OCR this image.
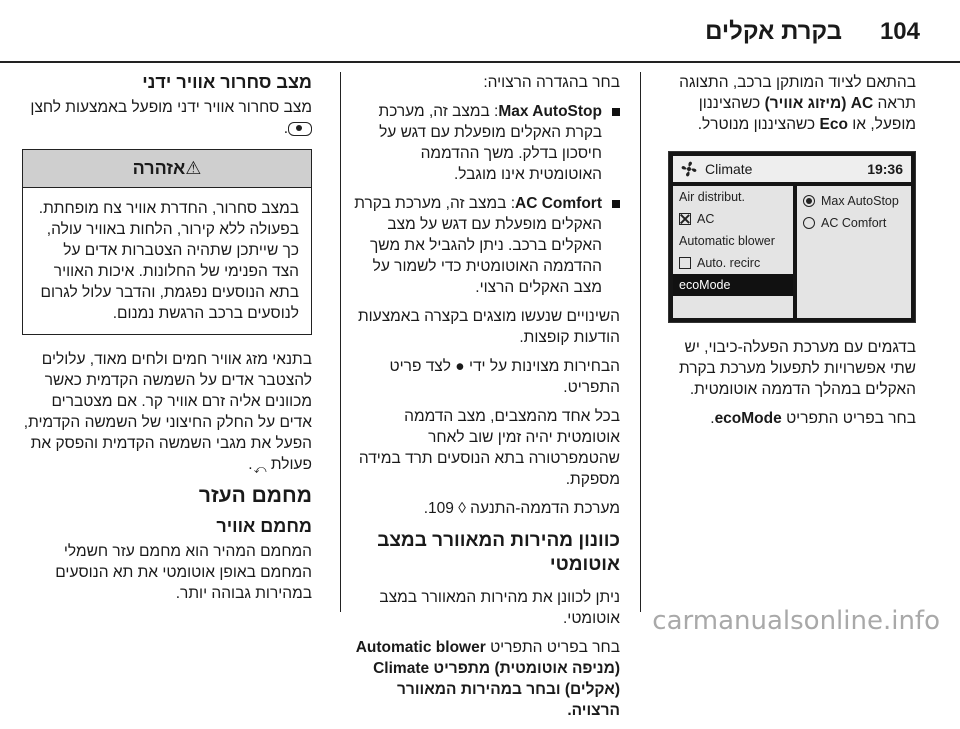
104
בקרת אקלים

בהתאם לציוד המותקן ברכב, התצוגה תראה AC (מיזוג אוויר) כשהציננון מופעל, או Eco כשהציננון מנוטרל.

Climate	19:36
Air distribut.
AC
Automatic blower
Auto. recirc
ecoMode
Max AutoStop
AC Comfort

בדגמים עם מערכת הפעלה-כיבוי, יש שתי אפשרויות לתפעול מערכת בקרת האקלים במהלך הדממה אוטומטית.

בחר בפריט התפריט ecoMode.

בחר בהגדרה הרצויה:

Max AutoStop: במצב זה, מערכת בקרת האקלים מופעלת עם דגש על חיסכון בדלק. משך ההדממה האוטומטית אינו מוגבל.
AC Comfort: במצב זה, מערכת בקרת האקלים מופעלת עם דגש על מצב האקלים ברכב. ניתן להגביל את משך ההדממה האוטומטית כדי לשמור על מצב האקלים הרצוי.

השינויים שנעשו מוצגים בקצרה באמצעות הודעות קופצות.

הבחירות מצוינות על ידי ● לצד פריט התפריט.

בכל אחד מהמצבים, מצב הדממה אוטומטית יהיה זמין שוב לאחר שהטמפרטורה בתא הנוסעים תרד במידה מספקת.

מערכת הדממה-התנעה ◊ 109.

כוונון מהירות המאוורר במצב אוטומטי

ניתן לכוונן את מהירות המאוורר במצב אוטומטי.

בחר בפריט התפריט Automatic blower (מניפה אוטומטית) מתפריט Climate (אקלים) ובחר במהירות המאוורר הרצויה.

מצב סחרור אוויר ידני

מצב סחרור אוויר ידני מופעל באמצעות לחצן .

⚠אזהרה
במצב סחרור, החדרת אוויר צח מופחתת. בפעולה ללא קירור, הלחות באוויר עולה, כך שייתכן שתהיה הצטברות אדים על הצד הפנימי של החלונות. איכות האוויר בתא הנוסעים נפגמת, והדבר עלול לגרום לנוסעים ברכב הרגשת נמנום.

בתנאי מזג אוויר חמים ולחים מאוד, עלולים להצטבר אדים על השמשה הקדמית כאשר מכוונים אליה זרם אוויר קר. אם מצטברים אדים על החלק החיצוני של השמשה הקדמית, הפעל את מגבי השמשה הקדמית והפסק את פעולת ⤺.

מחמם העזר
מחמם אוויר

המחמם המהיר הוא מחמם עזר חשמלי המחמם באופן אוטומטי את תא הנוסעים במהירות גבוהה יותר.

carmanualsonline.info
